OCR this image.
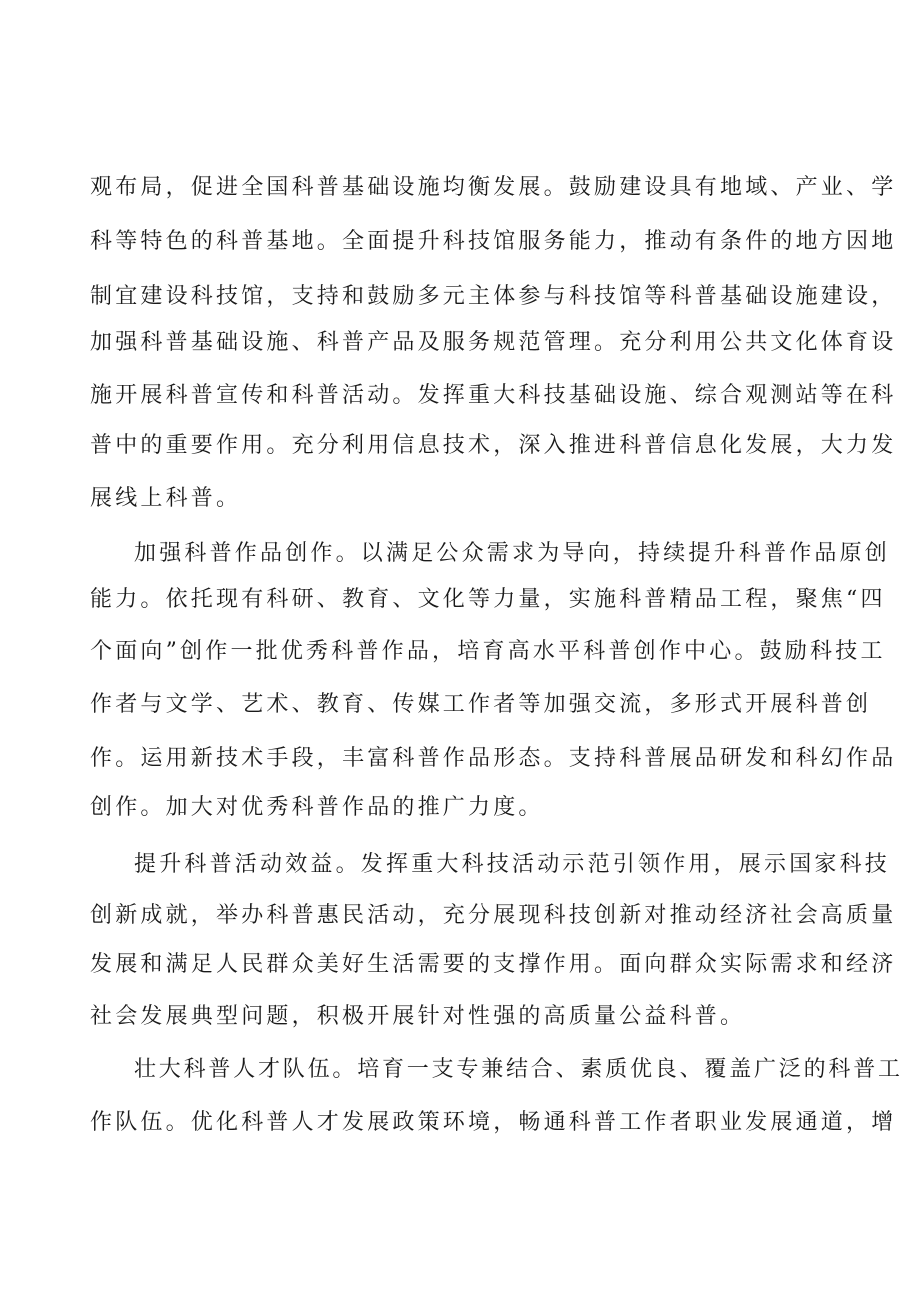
观布局，促进全国科普基础设施均衡发展。鼓励建设具有地域、产业、学
科等特色的科普基地。全面提升科技馆服务能力，推动有条件的地方因地
制宜建设科技馆，支持和鼓励多元主体参与科技馆等科普基础设施建设，
加强科普基础设施、科普产品及服务规范管理。充分利用公共文化体育设
施开展科普宣传和科普活动。发挥重大科技基础设施、综合观测站等在科
普中的重要作用。充分利用信息技术，深入推进科普信息化发展，大力发
展线上科普。
加强科普作品创作。以满足公众需求为导向，持续提升科普作品原创
能力。依托现有科研、教育、文化等力量，实施科普精品工程，聚焦“四
个面向”创作一批优秀科普作品，培育高水平科普创作中心。鼓励科技工
作者与文学、艺术、教育、传媒工作者等加强交流，多形式开展科普创
作。运用新技术手段，丰富科普作品形态。支持科普展品研发和科幻作品
创作。加大对优秀科普作品的推广力度。
提升科普活动效益。发挥重大科技活动示范引领作用，展示国家科技
创新成就，举办科普惠民活动，充分展现科技创新对推动经济社会高质量
发展和满足人民群众美好生活需要的支撑作用。面向群众实际需求和经济
社会发展典型问题，积极开展针对性强的高质量公益科普。
壮大科普人才队伍。培育一支专兼结合、素质优良、覆盖广泛的科普工
作队伍。优化科普人才发展政策环境，畅通科普工作者职业发展通道，增
